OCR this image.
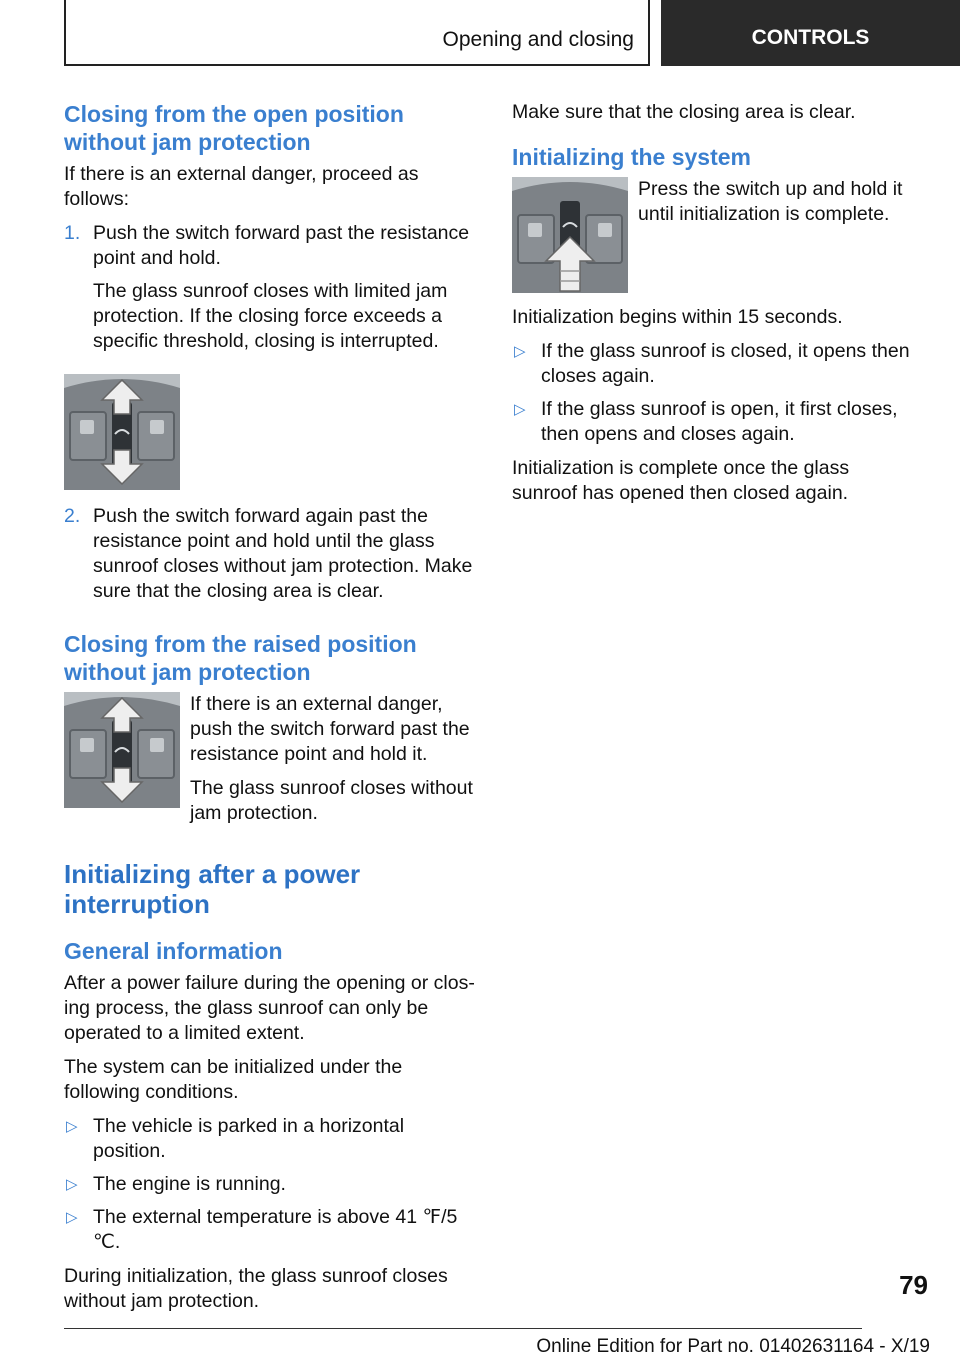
Opening and closing	CONTROLS
Closing from the open position without jam protection

If there is an external danger, proceed as follows:

1. Push the switch forward past the resistance point and hold.

The glass sunroof closes with limited jam protection. If the closing force exceeds a specific threshold, closing is interrupted.

2. Push the switch forward again past the resistance point and hold until the glass sunroof closes without jam protection. Make sure that the closing area is clear.

Closing from the raised position without jam protection

If there is an external danger, push the switch forward past the resistance point and hold it.

The glass sunroof closes without jam protection.

Initializing after a power interruption
General information

After a power failure during the opening or closing process, the glass sunroof can only be operated to a limited extent.

The system can be initialized under the following conditions.

▷ The vehicle is parked in a horizontal position.
▷ The engine is running.
▷ The external temperature is above 41 ℉/5 ℃.

During initialization, the glass sunroof closes without jam protection.

Make sure that the closing area is clear.

Initializing the system

Press the switch up and hold it until initialization is complete.

Initialization begins within 15 seconds.

▷ If the glass sunroof is closed, it opens then closes again.
▷ If the glass sunroof is open, it first closes, then opens and closes again.

Initialization is complete once the glass sunroof has opened then closed again.

79
Online Edition for Part no. 01402631164 - X/19
